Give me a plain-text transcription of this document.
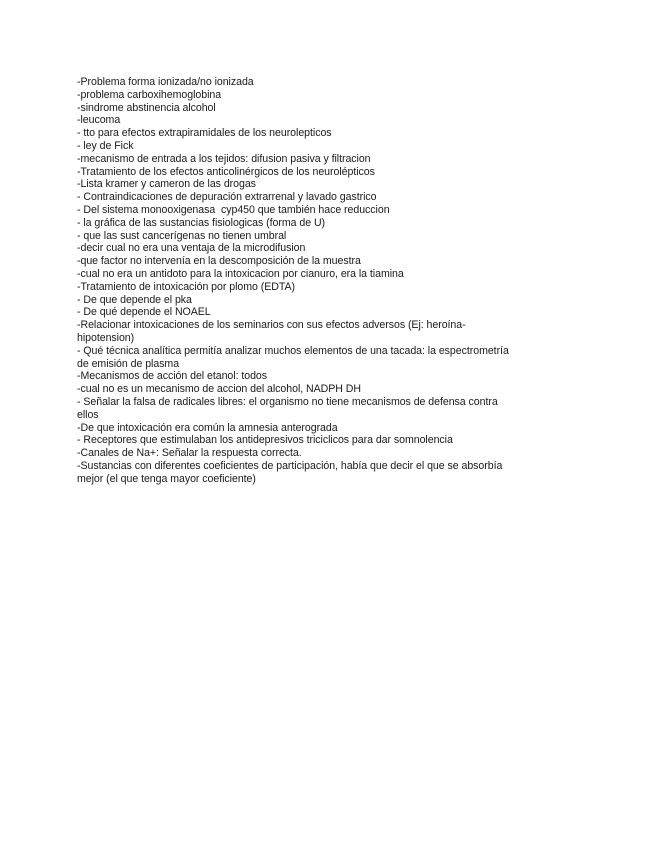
-Problema forma ionizada/no ionizada
-problema carboxihemoglobina
-sindrome abstinencia alcohol
-leucoma
- tto para efectos extrapiramidales de los neurolepticos
- ley de Fick
-mecanismo de entrada a los tejidos: difusion pasiva y filtracion
-Tratamiento de los efectos anticolinérgicos de los neurolépticos
-Lista kramer y cameron de las drogas
- Contraindicaciones de depuración extrarrenal y lavado gastrico
- Del sistema monooxigenasa  cyp450 que también hace reduccion
- la gráfica de las sustancias fisiologicas (forma de U)
- que las sust cancerígenas no tienen umbral
-decir cual no era una ventaja de la microdifusion
-que factor no intervenía en la descomposición de la muestra
-cual no era un antidoto para la intoxicacion por cianuro, era la tiamina
-Tratamiento de intoxicación por plomo (EDTA)
- De que depende el pka
- De qué depende el NOAEL
-Relacionar intoxicaciones de los seminarios con sus efectos adversos (Ej: heroína-
hipotension)
- Qué técnica analítica permitía analizar muchos elementos de una tacada: la espectrometría
de emisión de plasma
-Mecanismos de acción del etanol: todos
-cual no es un mecanismo de accion del alcohol, NADPH DH
- Señalar la falsa de radicales libres: el organismo no tiene mecanismos de defensa contra
ellos
-De que intoxicación era común la amnesia anterograda
- Receptores que estimulaban los antidepresivos triciclicos para dar somnolencia
-Canales de Na+: Señalar la respuesta correcta.
-Sustancias con diferentes coeficientes de participación, había que decir el que se absorbía
mejor (el que tenga mayor coeficiente)
